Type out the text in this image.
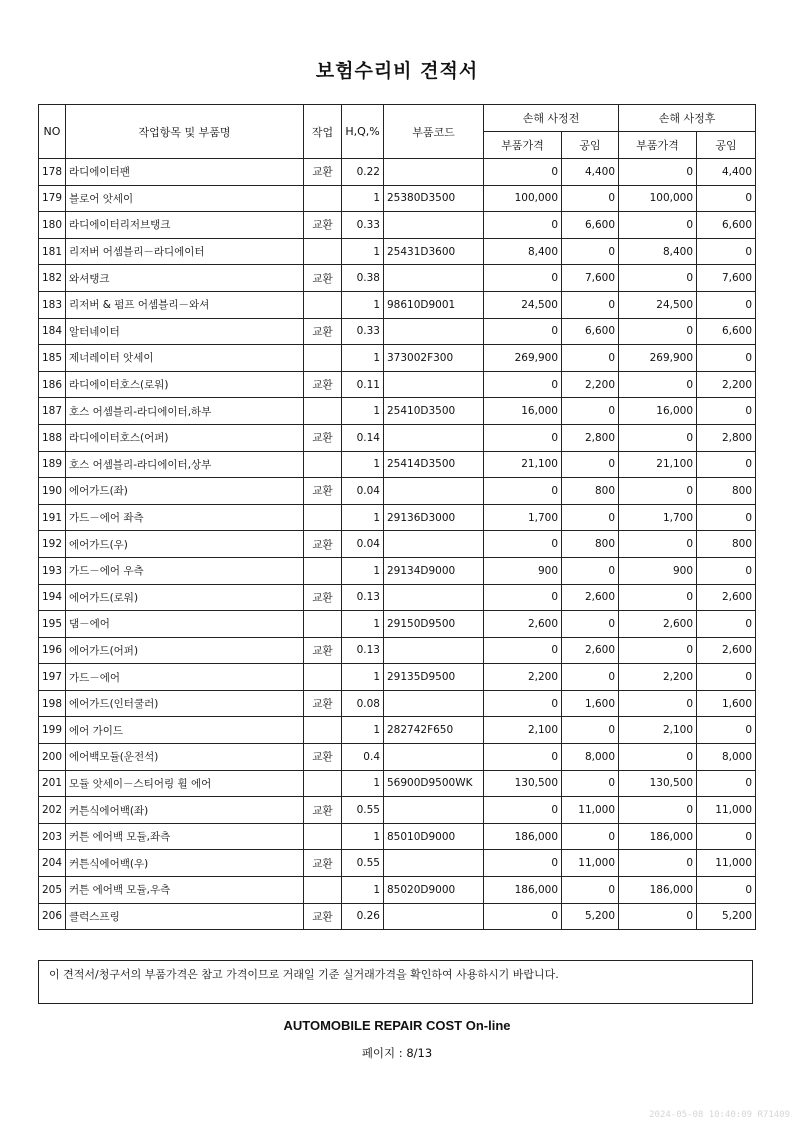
보험수리비 견적서
NO	작업항목 및 부품명	작업	H,Q,%	부품코드	손해 사정전		손해 사정후	
					부품가격	공임	부품가격	공임
178	라디에이터팬	교환	0.22		0	4,400	0	4,400
179	블로어 앗세이		1	25380D3500	100,000	0	100,000	0
180	라디에이터리저브탱크	교환	0.33		0	6,600	0	6,600
181	리저버 어셈블리－라디에이터		1	25431D3600	8,400	0	8,400	0
182	와셔탱크	교환	0.38		0	7,600	0	7,600
183	리저버 & 펌프 어셈블리－와셔		1	98610D9001	24,500	0	24,500	0
184	알터네이터	교환	0.33		0	6,600	0	6,600
185	제너레이터 앗세이		1	373002F300	269,900	0	269,900	0
186	라디에이터호스(로워)	교환	0.11		0	2,200	0	2,200
187	호스 어셈블리-라디에이터,하부		1	25410D3500	16,000	0	16,000	0
188	라디에이터호스(어퍼)	교환	0.14		0	2,800	0	2,800
189	호스 어셈블리-라디에이터,상부		1	25414D3500	21,100	0	21,100	0
190	에어가드(좌)	교환	0.04		0	800	0	800
191	가드－에어 좌측		1	29136D3000	1,700	0	1,700	0
192	에어가드(우)	교환	0.04		0	800	0	800
193	가드－에어 우측		1	29134D9000	900	0	900	0
194	에어가드(로워)	교환	0.13		0	2,600	0	2,600
195	댐－에어		1	29150D9500	2,600	0	2,600	0
196	에어가드(어퍼)	교환	0.13		0	2,600	0	2,600
197	가드－에어		1	29135D9500	2,200	0	2,200	0
198	에어가드(인터쿨러)	교환	0.08		0	1,600	0	1,600
199	에어 가이드		1	282742F650	2,100	0	2,100	0
200	에어백모듈(운전석)	교환	0.4		0	8,000	0	8,000
201	모듈 앗세이－스티어링 휠 에어		1	56900D9500WK	130,500	0	130,500	0
202	커튼식에어백(좌)	교환	0.55		0	11,000	0	11,000
203	커튼 에어백 모듈,좌측		1	85010D9000	186,000	0	186,000	0
204	커튼식에어백(우)	교환	0.55		0	11,000	0	11,000
205	커튼 에어백 모듈,우측		1	85020D9000	186,000	0	186,000	0
206	클럭스프링	교환	0.26		0	5,200	0	5,200
이 견적서/청구서의 부품가격은 참고 가격이므로 거래일 기준 실거래가격을 확인하여 사용하시기 바랍니다.
AUTOMOBILE REPAIR COST On-line
페이지 : 8/13
2024-05-08 10:40:09 R71409
